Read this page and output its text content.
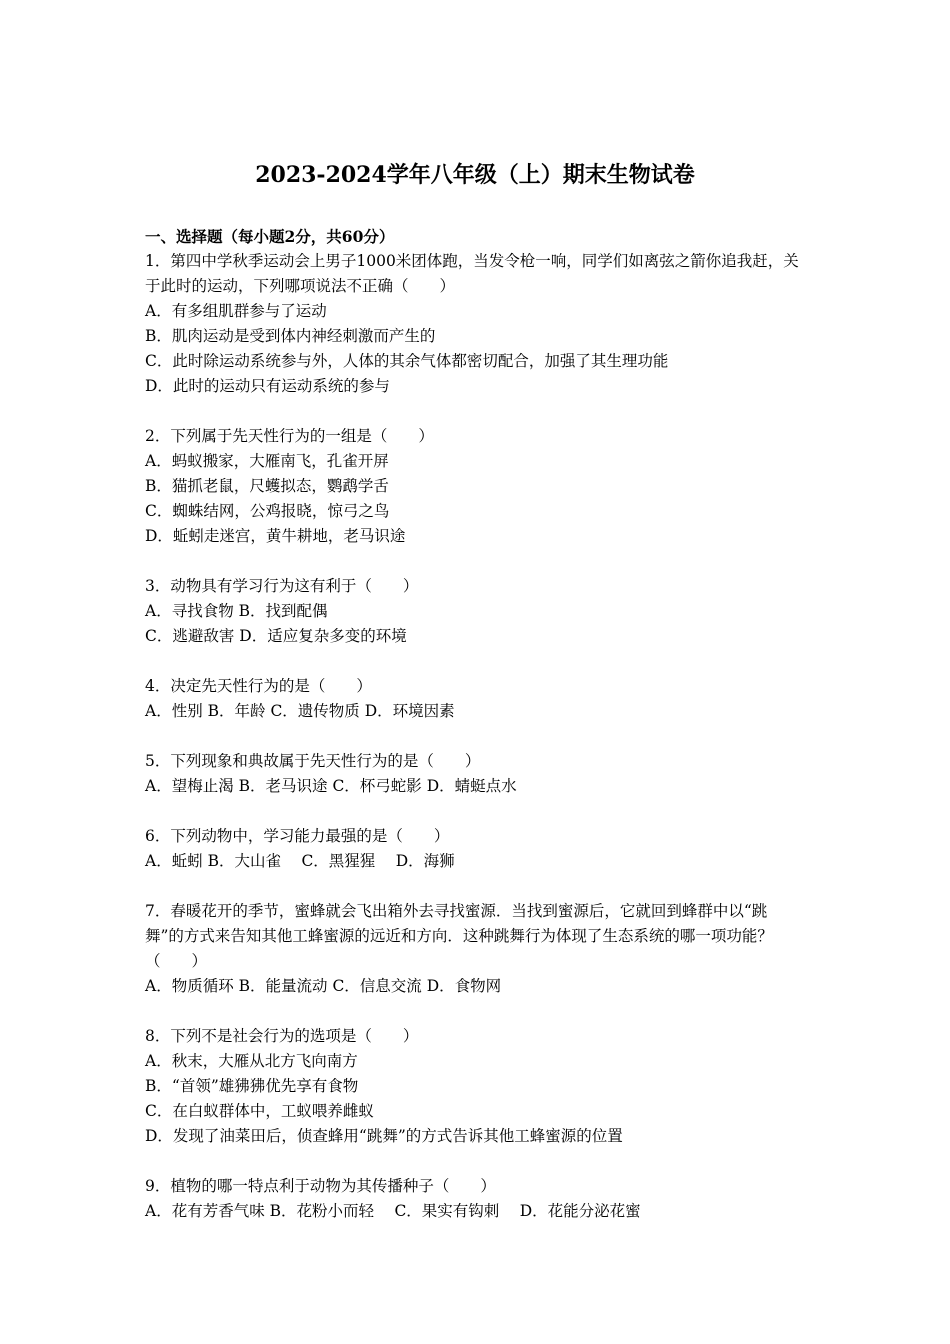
2023-2024学年八年级（上）期末生物试卷
一、选择题（每小题2分，共60分）
1．第四中学秋季运动会上男子1000米团体跑，当发令枪一响，同学们如离弦之箭你追我赶，关于此时的运动，下列哪项说法不正确（　　）
A．有多组肌群参与了运动
B．肌肉运动是受到体内神经刺激而产生的
C．此时除运动系统参与外，人体的其余气体都密切配合，加强了其生理功能
D．此时的运动只有运动系统的参与
2．下列属于先天性行为的一组是（　　）
A．蚂蚁搬家，大雁南飞，孔雀开屏
B．猫抓老鼠，尺蠖拟态，鹦鹉学舌
C．蜘蛛结网，公鸡报晓，惊弓之鸟
D．蚯蚓走迷宫，黄牛耕地，老马识途
3．动物具有学习行为这有利于（　　）
A．寻找食物 B．找到配偶
C．逃避敌害 D．适应复杂多变的环境
4．决定先天性行为的是（　　）
A．性别 B．年龄 C．遗传物质 D．环境因素
5．下列现象和典故属于先天性行为的是（　　）
A．望梅止渴 B．老马识途 C．杯弓蛇影 D．蜻蜓点水
6．下列动物中，学习能力最强的是（　　）
A．蚯蚓 B．大山雀　 C．黑猩猩　 D．海狮
7．春暖花开的季节，蜜蜂就会飞出箱外去寻找蜜源．当找到蜜源后，它就回到蜂群中以“跳舞”的方式来告知其他工蜂蜜源的远近和方向．这种跳舞行为体现了生态系统的哪一项功能？（　　）
A．物质循环 B．能量流动 C．信息交流 D．食物网
8．下列不是社会行为的选项是（　　）
A．秋末，大雁从北方飞向南方
B．“首领”雄狒狒优先享有食物
C．在白蚁群体中，工蚁喂养雌蚁
D．发现了油菜田后，侦查蜂用“跳舞”的方式告诉其他工蜂蜜源的位置
9．植物的哪一特点利于动物为其传播种子（　　）
A．花有芳香气味 B．花粉小而轻　 C．果实有钩刺　 D．花能分泌花蜜
